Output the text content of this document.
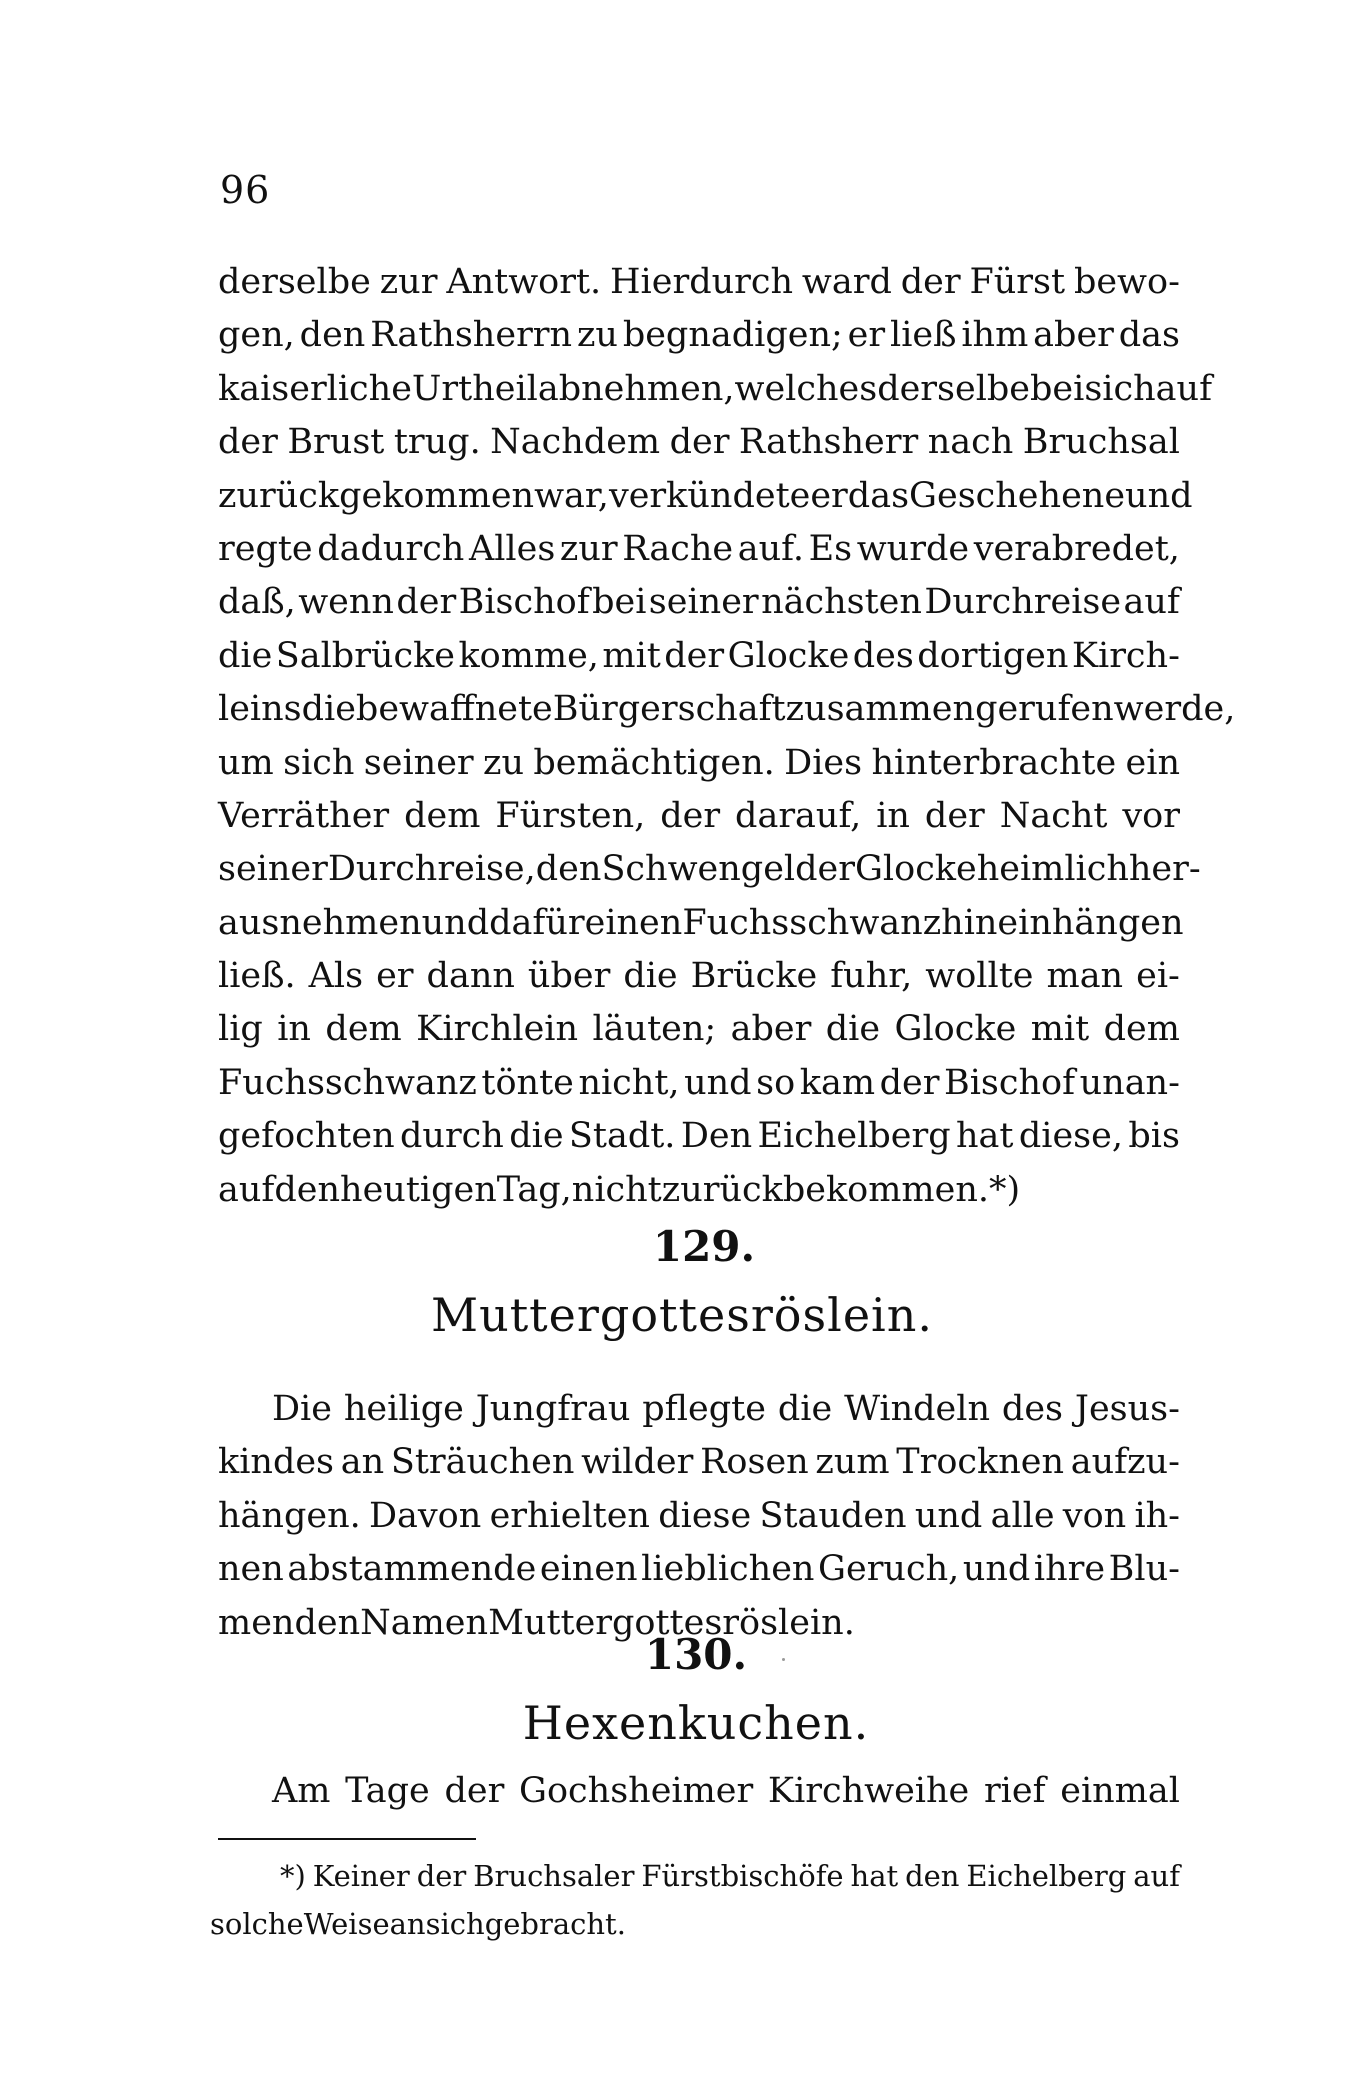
96
derselbe zur Antwort. Hierdurch ward der Fürst bewo-
gen, den Rathsherrn zu begnadigen; er ließ ihm aber das
kaiserliche Urtheil abnehmen, welches derselbe bei sich auf
der Brust trug. Nachdem der Rathsherr nach Bruchsal
zurückgekommen war, verkündete er das Geschehene und
regte dadurch Alles zur Rache auf. Es wurde verabredet,
daß, wenn der Bischof bei seiner nächsten Durchreise auf
die Salbrücke komme, mit der Glocke des dortigen Kirch-
leins die bewaffnete Bürgerschaft zusammen gerufen werde,
um sich seiner zu bemächtigen. Dies hinterbrachte ein
Verräther dem Fürsten, der darauf, in der Nacht vor
seiner Durchreise, den Schwengel der Glocke heimlich her-
ausnehmen und dafür einen Fuchsschwanz hineinhängen
ließ. Als er dann über die Brücke fuhr, wollte man ei-
lig in dem Kirchlein läuten; aber die Glocke mit dem
Fuchsschwanz tönte nicht, und so kam der Bischof unan-
gefochten durch die Stadt. Den Eichelberg hat diese, bis
auf den heutigen Tag, nicht zurück bekommen.*)
129.
Muttergottesröslein.
Die heilige Jungfrau pflegte die Windeln des Jesus-
kindes an Sträuchen wilder Rosen zum Trocknen aufzu-
hängen. Davon erhielten diese Stauden und alle von ih-
nen abstammende einen lieblichen Geruch, und ihre Blu-
men den Namen Muttergottesröslein.
130.
Hexenkuchen.
Am Tage der Gochsheimer Kirchweihe rief einmal
*) Keiner der Bruchsaler Fürstbischöfe hat den Eichelberg auf
solche Weise an sich gebracht.
